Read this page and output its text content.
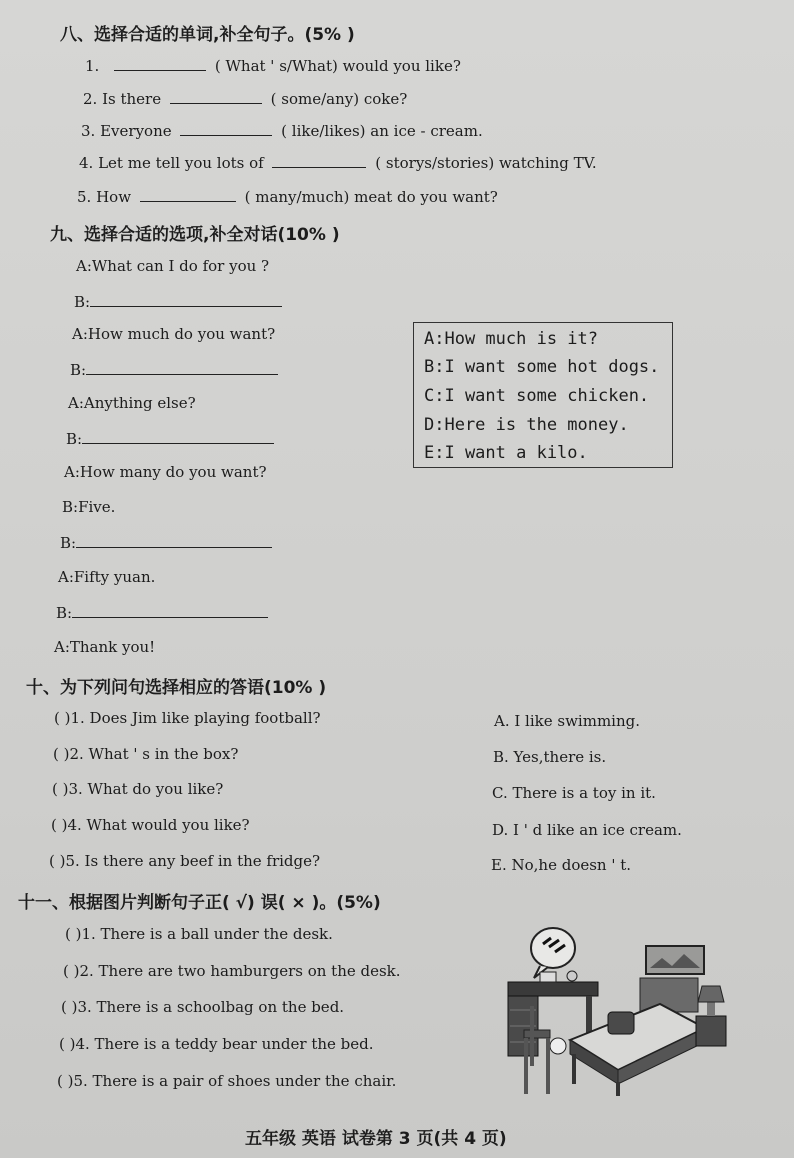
八、选择合适的单词,补全句子。(5% )
1.	( What ' s/What) would you like?
2. Is there	( some/any) coke?
3. Everyone	( like/likes) an ice - cream.
4. Let me tell you lots of	( storys/stories) watching TV.
5. How	( many/much) meat do you want?
九、选择合适的选项,补全对话(10% )
A:What can I do for you ?
B:
A:How much do you want?
B:
A:Anything else?
B:
A:How many do you want?
B:Five.
B:
A:Fifty yuan.
B:
A:Thank you!
A:How much is it?
B:I want some hot dogs.
C:I want some chicken.
D:Here is the money.
E:I want a kilo.
十、为下列问句选择相应的答语(10% )
( )1. Does Jim like playing football?
( )2. What ' s in the box?
( )3. What do you like?
( )4. What would you like?
( )5. Is there any beef in the fridge?
A. I like swimming.
B. Yes,there is.
C. There is a toy in it.
D. I ' d like an ice cream.
E. No,he doesn ' t.
十一、根据图片判断句子正( √) 误( × )。(5%)
( )1. There is a ball under the desk.
( )2. There are two hamburgers on the desk.
( )3. There is a schoolbag on the bed.
( )4. There is a teddy bear under the bed.
( )5. There is a pair of shoes under the chair.
五年级 英语 试卷第 3 页(共 4 页)
